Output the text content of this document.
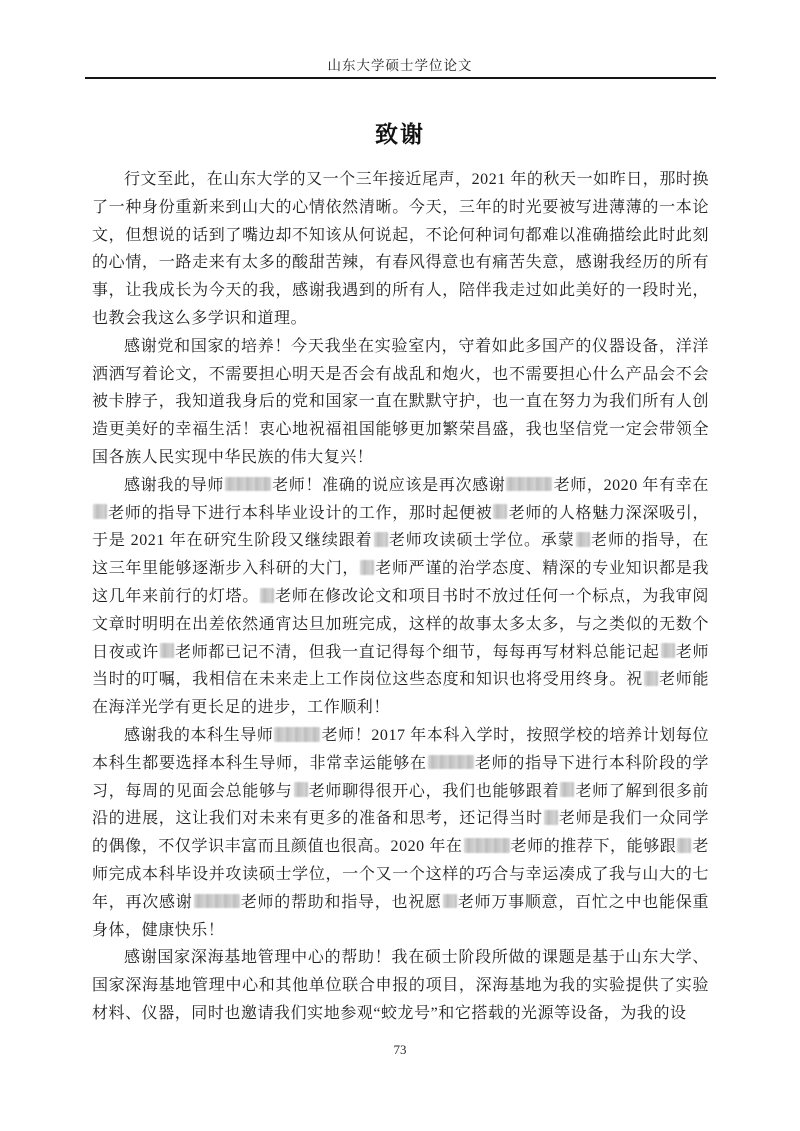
山东大学硕士学位论文
致谢

行文至此，在山东大学的又一个三年接近尾声，2021 年的秋天一如昨日，那时换了一种身份重新来到山大的心情依然清晰。今天，三年的时光要被写进薄薄的一本论文，但想说的话到了嘴边却不知该从何说起，不论何种词句都难以准确描绘此时此刻的心情，一路走来有太多的酸甜苦辣，有春风得意也有痛苦失意，感谢我经历的所有事，让我成长为今天的我，感谢我遇到的所有人，陪伴我走过如此美好的一段时光，也教会我这么多学识和道理。

感谢党和国家的培养！今天我坐在实验室内，守着如此多国产的仪器设备，洋洋洒洒写着论文，不需要担心明天是否会有战乱和炮火，也不需要担心什么产品会不会被卡脖子，我知道我身后的党和国家一直在默默守护，也一直在努力为我们所有人创造更美好的幸福生活！衷心地祝福祖国能够更加繁荣昌盛，我也坚信党一定会带领全国各族人民实现中华民族的伟大复兴！

感谢我的导师	老师！准确的说应该是再次感谢	老师，2020 年有幸在老师的指导下进行本科毕业设计的工作，那时起便被 老师的人格魅力深深吸引，于是 2021 年在研究生阶段又继续跟着 老师攻读硕士学位。承蒙 老师的指导，在这三年里能够逐渐步入科研的大门， 老师严谨的治学态度、精深的专业知识都是我这几年来前行的灯塔。 老师在修改论文和项目书时不放过任何一个标点，为我审阅文章时明明在出差依然通宵达旦加班完成，这样的故事太多太多，与之类似的无数个日夜或许 老师都已记不清，但我一直记得每个细节，每每再写材料总能记起 老师当时的叮嘱，我相信在未来走上工作岗位这些态度和知识也将受用终身。祝 老师能在海洋光学有更长足的进步，工作顺利！

感谢我的本科生导师	老师！2017 年本科入学时，按照学校的培养计划每位本科生都要选择本科生导师，非常幸运能够在	老师的指导下进行本科阶段的学习，每周的见面会总能够与 老师聊得很开心，我们也能够跟着 老师了解到很多前沿的进展，这让我们对未来有更多的准备和思考，还记得当时 老师是我们一众同学的偶像，不仅学识丰富而且颜值也很高。2020 年在	老师的推荐下，能够跟 老师完成本科毕设并攻读硕士学位，一个又一个这样的巧合与幸运凑成了我与山大的七年，再次感谢	老师的帮助和指导，也祝愿 老师万事顺意，百忙之中也能保重身体，健康快乐！

感谢国家深海基地管理中心的帮助！我在硕士阶段所做的课题是基于山东大学、国家深海基地管理中心和其他单位联合申报的项目，深海基地为我的实验提供了实验材料、仪器，同时也邀请我们实地参观“蛟龙号”和它搭载的光源等设备，为我的设

73
